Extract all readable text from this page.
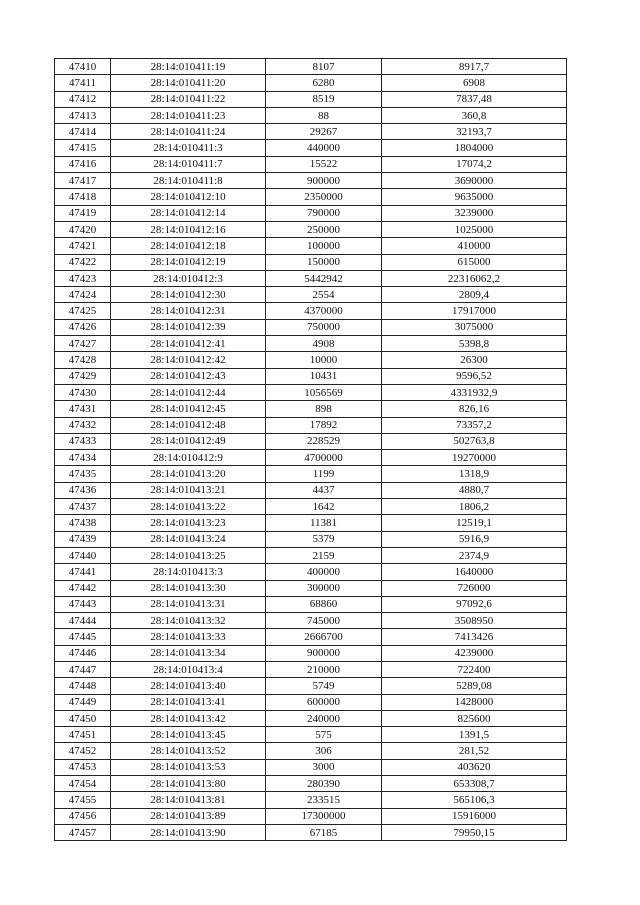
47410	28:14:010411:19	8107	8917,7
47411	28:14:010411:20	6280	6908
47412	28:14:010411:22	8519	7837,48
47413	28:14:010411:23	88	360,8
47414	28:14:010411:24	29267	32193,7
47415	28:14:010411:3	440000	1804000
47416	28:14:010411:7	15522	17074,2
47417	28:14:010411:8	900000	3690000
47418	28:14:010412:10	2350000	9635000
47419	28:14:010412:14	790000	3239000
47420	28:14:010412:16	250000	1025000
47421	28:14:010412:18	100000	410000
47422	28:14:010412:19	150000	615000
47423	28:14:010412:3	5442942	22316062,2
47424	28:14:010412:30	2554	2809,4
47425	28:14:010412:31	4370000	17917000
47426	28:14:010412:39	750000	3075000
47427	28:14:010412:41	4908	5398,8
47428	28:14:010412:42	10000	26300
47429	28:14:010412:43	10431	9596,52
47430	28:14:010412:44	1056569	4331932,9
47431	28:14:010412:45	898	826,16
47432	28:14:010412:48	17892	73357,2
47433	28:14:010412:49	228529	502763,8
47434	28:14:010412:9	4700000	19270000
47435	28:14:010413:20	1199	1318,9
47436	28:14:010413:21	4437	4880,7
47437	28:14:010413:22	1642	1806,2
47438	28:14:010413:23	11381	12519,1
47439	28:14:010413:24	5379	5916,9
47440	28:14:010413:25	2159	2374,9
47441	28:14:010413:3	400000	1640000
47442	28:14:010413:30	300000	726000
47443	28:14:010413:31	68860	97092,6
47444	28:14:010413:32	745000	3508950
47445	28:14:010413:33	2666700	7413426
47446	28:14:010413:34	900000	4239000
47447	28:14:010413:4	210000	722400
47448	28:14:010413:40	5749	5289,08
47449	28:14:010413:41	600000	1428000
47450	28:14:010413:42	240000	825600
47451	28:14:010413:45	575	1391,5
47452	28:14:010413:52	306	281,52
47453	28:14:010413:53	3000	403620
47454	28:14:010413:80	280390	653308,7
47455	28:14:010413:81	233515	565106,3
47456	28:14:010413:89	17300000	15916000
47457	28:14:010413:90	67185	79950,15
